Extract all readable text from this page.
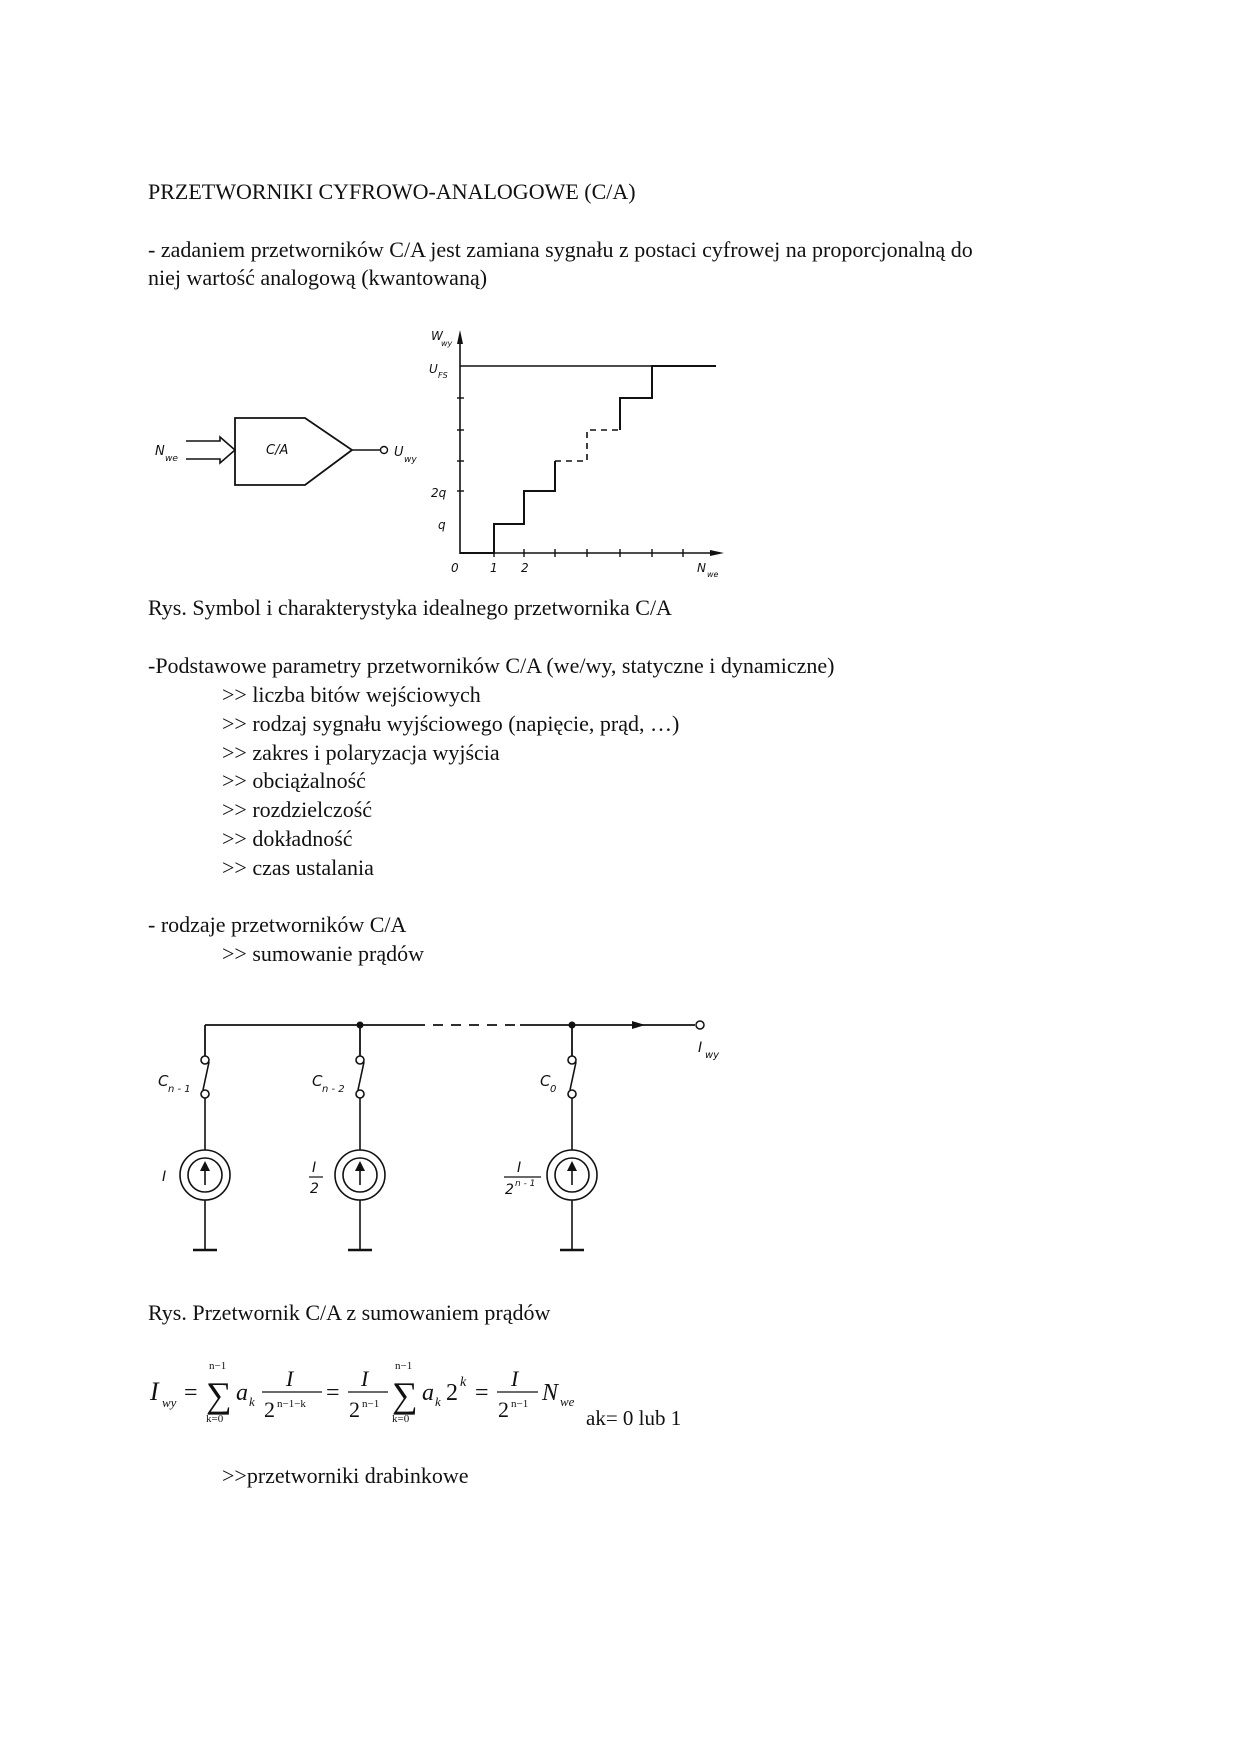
PRZETWORNIKI CYFROWO-ANALOGOWE (C/A)

- zadaniem przetworników C/A jest zamiana sygnału z postaci cyfrowej na proporcjonalną do

niej wartość analogową (kwantowaną)

N we
C/A	U wy
W
wy
U FS
2q
q
0	1 2	N we

Rys. Symbol i charakterystyka idealnego przetwornika C/A

-Podstawowe parametry przetworników C/A (we/wy, statyczne i dynamiczne)

>> liczba bitów wejściowych

>> rodzaj sygnału wyjściowego (napięcie, prąd, …)

>> zakres i polaryzacja wyjścia

>> obciążalność

>> rozdzielczość

>> dokładność

>> czas ustalania

- rodzaje przetworników C/A

>> sumowanie prądów

I wy
C n - 1
I
C n - 2
I
2
C 0
I
2 n - 1

Rys. Przetwornik C/A z sumowaniem prądów

I wy =
n−1
∑
k=0
a k
I
2 n−1−k =
I
2 n−1
n−1
∑
k=0
a k 2 k =
I
2 n−1 N we

ak= 0 lub 1

>>przetworniki drabinkowe
